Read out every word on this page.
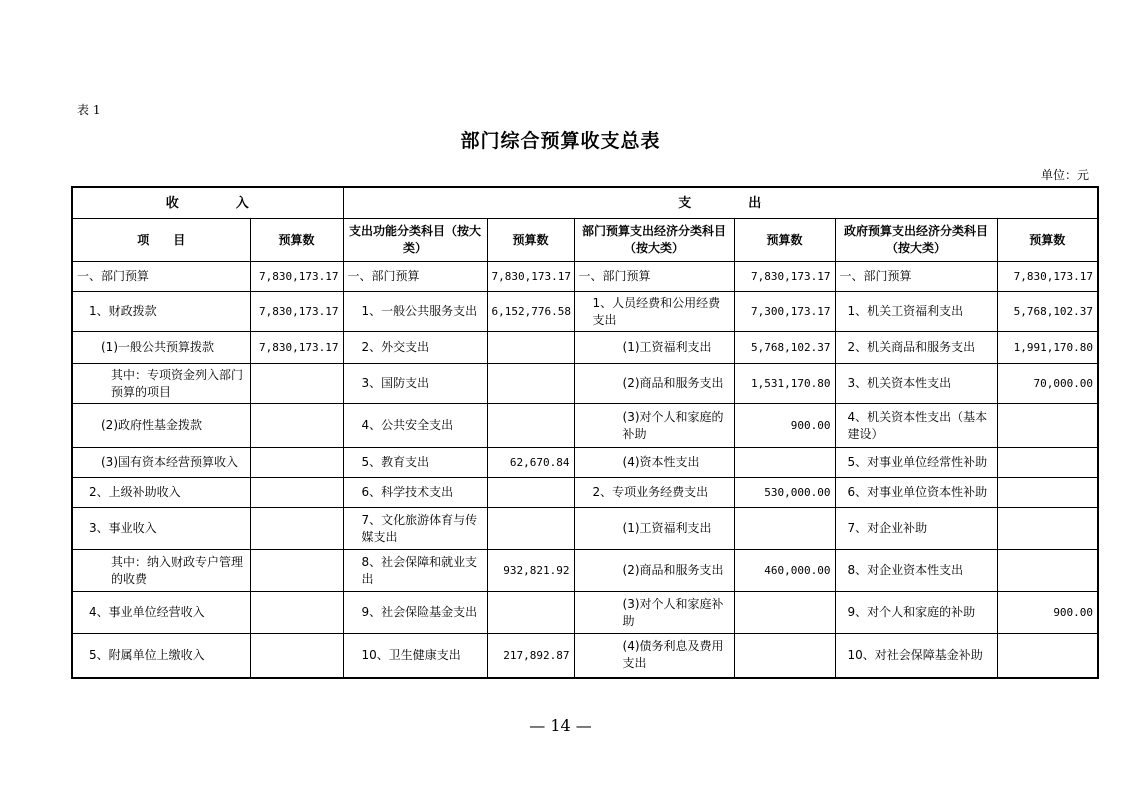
表 1
部门综合预算收支总表
单位：元
收　　　　入		支　　　　出					
项　　目	预算数	支出功能分类科目（按大类）	预算数	部门预算支出经济分类科目（按大类）	预算数	政府预算支出经济分类科目（按大类）	预算数
一、部门预算	7,830,173.17	一、部门预算	7,830,173.17	一、部门预算	7,830,173.17	一、部门预算	7,830,173.17
1、财政拨款	7,830,173.17	1、一般公共服务支出	6,152,776.58	1、人员经费和公用经费支出	7,300,173.17	1、机关工资福利支出	5,768,102.37
(1)一般公共预算拨款	7,830,173.17	2、外交支出		(1)工资福利支出	5,768,102.37	2、机关商品和服务支出	1,991,170.80
其中：专项资金列入部门预算的项目		3、国防支出		(2)商品和服务支出	1,531,170.80	3、机关资本性支出	70,000.00
(2)政府性基金拨款		4、公共安全支出		(3)对个人和家庭的补助	900.00	4、机关资本性支出（基本建设）	
(3)国有资本经营预算收入		5、教育支出	62,670.84	(4)资本性支出		5、对事业单位经常性补助	
2、上级补助收入		6、科学技术支出		2、专项业务经费支出	530,000.00	6、对事业单位资本性补助	
3、事业收入		7、文化旅游体育与传媒支出		(1)工资福利支出		7、对企业补助	
其中：纳入财政专户管理的收费		8、社会保障和就业支出	932,821.92	(2)商品和服务支出	460,000.00	8、对企业资本性支出	
4、事业单位经营收入		9、社会保险基金支出		(3)对个人和家庭补助		9、对个人和家庭的补助	900.00
5、附属单位上缴收入		10、卫生健康支出	217,892.87	(4)债务利息及费用支出		10、对社会保障基金补助	
— 14 —
